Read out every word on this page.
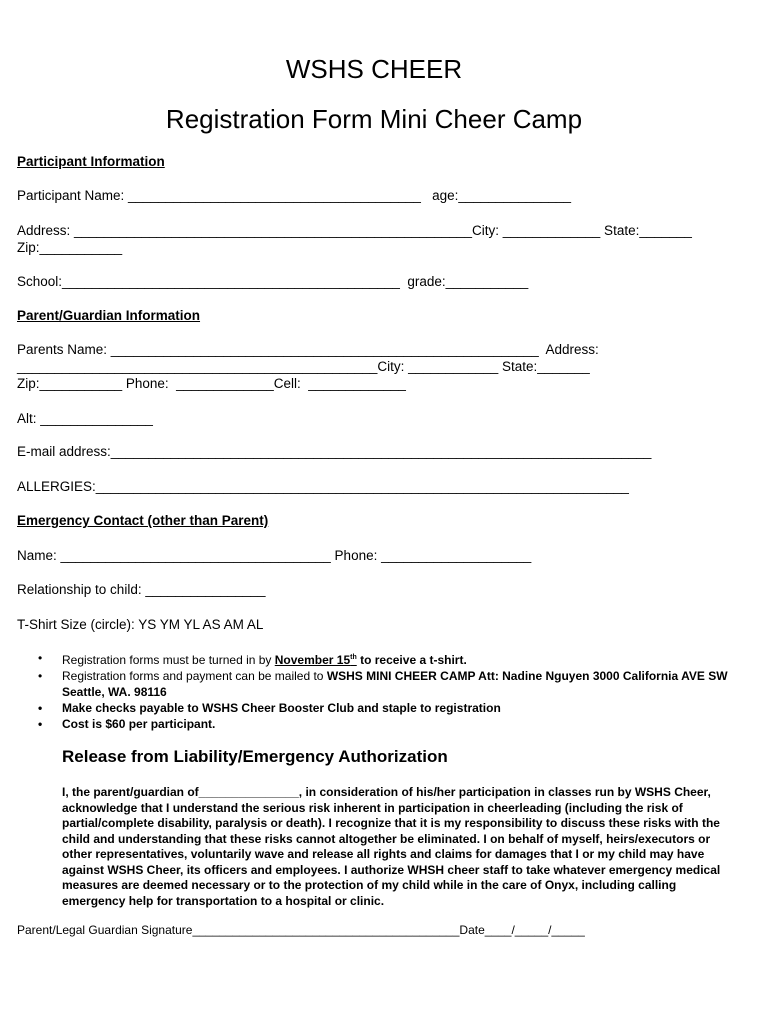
WSHS CHEER
Registration Form Mini Cheer Camp
Participant Information
Participant Name: _______________________________________   age:_______________
Address: _____________________________________________________City: _____________ State:_______
Zip:___________
School:_____________________________________________  grade:___________
Parent/Guardian Information
Parents Name: _________________________________________________________  Address:
________________________________________________City: ____________ State:_______
Zip:___________ Phone:  _____________Cell:  _____________
Alt: _______________
E-mail address:________________________________________________________________________
ALLERGIES:_______________________________________________________________________
Emergency Contact (other than Parent)
Name: ____________________________________ Phone: ____________________
Relationship to child: ________________
T-Shirt Size (circle): YS YM YL AS AM AL
• Registration forms must be turned in by November 15th to receive a t-shirt.
• Registration forms and payment can be mailed to WSHS MINI CHEER CAMP Att: Nadine Nguyen 3000 California AVE SW Seattle, WA. 98116
• Make checks payable to WSHS Cheer Booster Club and staple to registration
• Cost is $60 per participant.
Release from Liability/Emergency Authorization
I, the parent/guardian of_______________, in consideration of his/her participation in classes run by WSHS Cheer, acknowledge that I understand the serious risk inherent in participation in cheerleading (including the risk of partial/complete disability, paralysis or death). I recognize that it is my responsibility to discuss these risks with the child and understanding that these risks cannot altogether be eliminated. I on behalf of myself, heirs/executors or other representatives, voluntarily wave and release all rights and claims for damages that I or my child may have against WSHS Cheer, its officers and employees. I authorize WHSH cheer staff to take whatever emergency medical measures are deemed necessary or to the protection of my child while in the care of Onyx, including calling emergency help for transportation to a hospital or clinic.
Parent/Legal Guardian Signature________________________________________Date____/_____/_____
